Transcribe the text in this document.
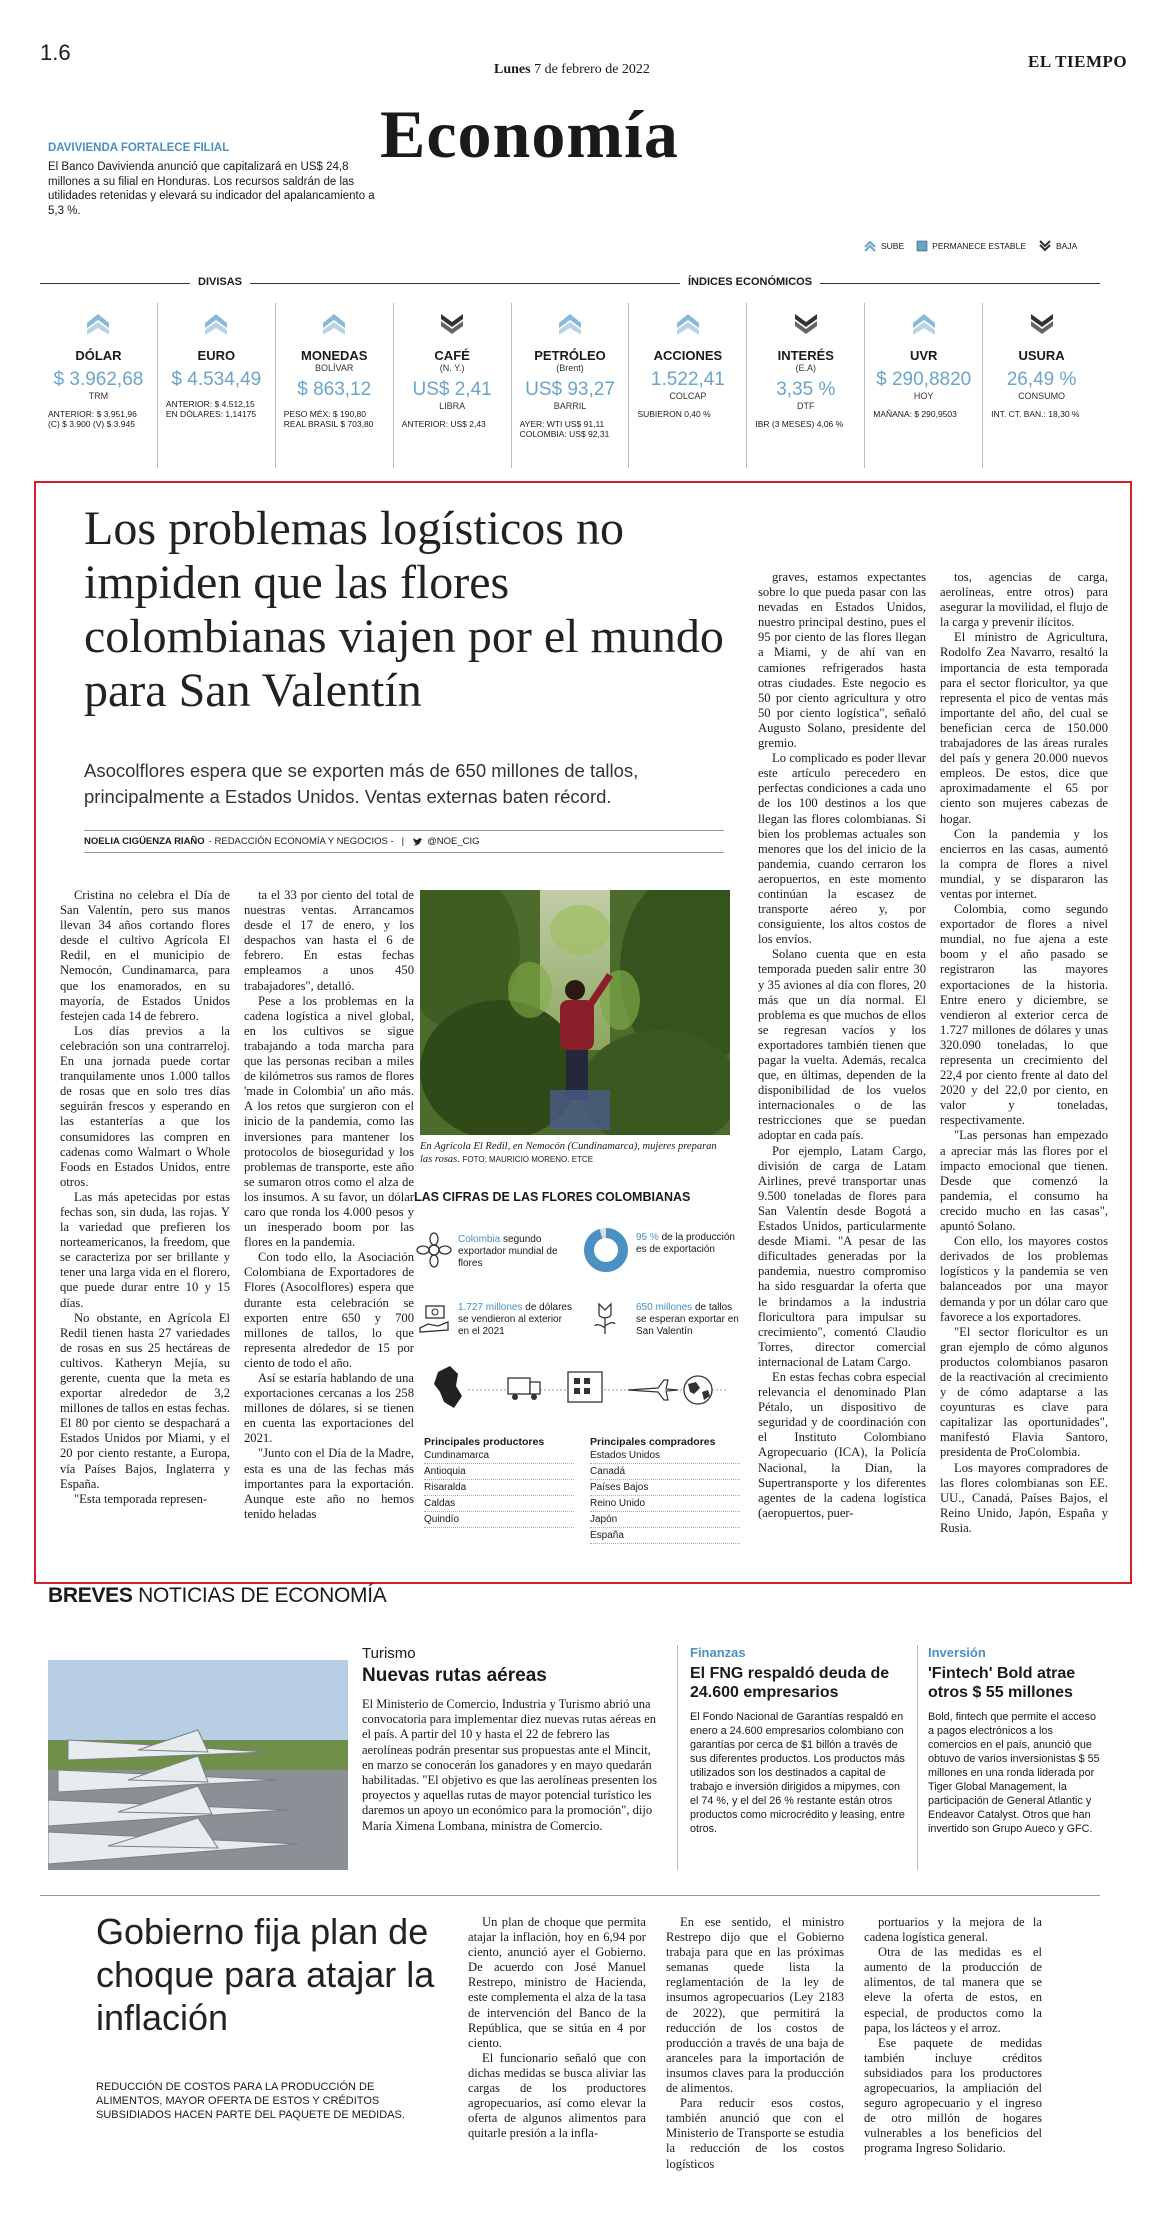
1.6
Lunes 7 de febrero de 2022	EL TIEMPO
Economía
DAVIVIENDA FORTALECE FILIAL
El Banco Davivienda anunció que capitalizará en US$ 24,8 millones a su filial en Honduras. Los recursos saldrán de las utilidades retenidas y elevará su indicador del apalancamiento a 5,3 %.
SUBE	PERMANECE ESTABLE	BAJA
DIVISAS	ÍNDICES ECONÓMICOS
DÓLAR
$ 3.962,68
TRM
ANTERIOR: $ 3.951,96
(C) $ 3.900 (V) $ 3.945
EURO
$ 4.534,49
ANTERIOR: $ 4.512,15
EN DÓLARES: 1,14175
MONEDAS
BOLÍVAR
$ 863,12
PESO MÉX: $ 190,80
REAL BRASIL $ 703,80
CAFÉ
(N. Y.)
US$ 2,41
LIBRA
ANTERIOR: US$ 2,43
PETRÓLEO
(Brent)
US$ 93,27
BARRIL
AYER: WTI US$ 91,11
COLOMBIA: US$ 92,31
ACCIONES
1.522,41
COLCAP
SUBIERON 0,40 %
INTERÉS
(E.A)
3,35 %
DTF
IBR (3 MESES) 4,06 %
UVR
$ 290,8820
HOY
MAÑANA: $ 290,9503
USURA
26,49 %
CONSUMO
INT. CT. BAN.: 18,30 %
Los problemas logísticos no impiden que las flores colombianas viajen por el mundo para San Valentín
Asocolflores espera que se exporten más de 650 millones de tallos, principalmente a Estados Unidos. Ventas externas baten récord.
NOELIA CIGÜENZA RIAÑO - REDACCIÓN ECONOMÍA Y NEGOCIOS - | @NOE_CIG

Cristina no celebra el Día de San Valentín, pero sus manos llevan 34 años cortando flores desde el cultivo Agrícola El Redil, en el municipio de Nemocón, Cundinamarca, para que los enamorados, en su mayoría, de Estados Unidos festejen cada 14 de febrero.

Los días previos a la celebración son una contrarreloj. En una jornada puede cortar tranquilamente unos 1.000 tallos de rosas que en solo tres días seguirán frescos y esperando en las estanterías a que los consumidores las compren en cadenas como Walmart o Whole Foods en Estados Unidos, entre otros.

Las más apetecidas por estas fechas son, sin duda, las rojas. Y la variedad que prefieren los norteamericanos, la freedom, que se caracteriza por ser brillante y tener una larga vida en el florero, que puede durar entre 10 y 15 días.

No obstante, en Agrícola El Redil tienen hasta 27 variedades de rosas en sus 25 hectáreas de cultivos. Katheryn Mejía, su gerente, cuenta que la meta es exportar alrededor de 3,2 millones de tallos en estas fechas. El 80 por ciento se despachará a Estados Unidos por Miami, y el 20 por ciento restante, a Europa, vía Países Bajos, Inglaterra y España.

"Esta temporada represen-

ta el 33 por ciento del total de nuestras ventas. Arrancamos desde el 17 de enero, y los despachos van hasta el 6 de febrero. En estas fechas empleamos a unos 450 trabajadores", detalló.

Pese a los problemas en la cadena logística a nivel global, en los cultivos se sigue trabajando a toda marcha para que las personas reciban a miles de kilómetros sus ramos de flores 'made in Colombia' un año más. A los retos que surgieron con el inicio de la pandemia, como las inversiones para mantener los protocolos de bioseguridad y los problemas de transporte, este año se sumaron otros como el alza de los insumos. A su favor, un dólar caro que ronda los 4.000 pesos y un inesperado boom por las flores en la pandemia.

Con todo ello, la Asociación Colombiana de Exportadores de Flores (Asocolflores) espera que durante esta celebración se exporten entre 650 y 700 millones de tallos, lo que representa alrededor de 15 por ciento de todo el año.

Así se estaría hablando de una exportaciones cercanas a los 258 millones de dólares, si se tienen en cuenta las exportaciones del 2021.

"Junto con el Día de la Madre, esta es una de las fechas más importantes para la exportación. Aunque este año no hemos tenido heladas

graves, estamos expectantes sobre lo que pueda pasar con las nevadas en Estados Unidos, nuestro principal destino, pues el 95 por ciento de las flores llegan a Miami, y de ahí van en camiones refrigerados hasta otras ciudades. Este negocio es 50 por ciento agricultura y otro 50 por ciento logística", señaló Augusto Solano, presidente del gremio.

Lo complicado es poder llevar este artículo perecedero en perfectas condiciones a cada uno de los 100 destinos a los que llegan las flores colombianas. Si bien los problemas actuales son menores que los del inicio de la pandemia, cuando cerraron los aeropuertos, en este momento continúan la escasez de transporte aéreo y, por consiguiente, los altos costos de los envíos.

Solano cuenta que en esta temporada pueden salir entre 30 y 35 aviones al día con flores, 20 más que un día normal. El problema es que muchos de ellos se regresan vacíos y los exportadores también tienen que pagar la vuelta. Además, recalca que, en últimas, dependen de la disponibilidad de los vuelos internacionales o de las restricciones que se puedan adoptar en cada país.

Por ejemplo, Latam Cargo, división de carga de Latam Airlines, prevé transportar unas 9.500 toneladas de flores para San Valentín desde Bogotá a Estados Unidos, particularmente desde Miami. "A pesar de las dificultades generadas por la pandemia, nuestro compromiso ha sido resguardar la oferta que le brindamos a la industria floricultora para impulsar su crecimiento", comentó Claudio Torres, director comercial internacional de Latam Cargo.

En estas fechas cobra especial relevancia el denominado Plan Pétalo, un dispositivo de seguridad y de coordinación con el Instituto Colombiano Agropecuario (ICA), la Policía Nacional, la Dian, la Supertransporte y los diferentes agentes de la cadena logística (aeropuertos, puer-

tos, agencias de carga, aerolíneas, entre otros) para asegurar la movilidad, el flujo de la carga y prevenir ilícitos.

El ministro de Agricultura, Rodolfo Zea Navarro, resaltó la importancia de esta temporada para el sector floricultor, ya que representa el pico de ventas más importante del año, del cual se benefician cerca de 150.000 trabajadores de las áreas rurales del país y genera 20.000 nuevos empleos. De estos, dice que aproximadamente el 65 por ciento son mujeres cabezas de hogar.

Con la pandemia y los encierros en las casas, aumentó la compra de flores a nivel mundial, y se dispararon las ventas por internet.

Colombia, como segundo exportador de flores a nivel mundial, no fue ajena a este boom y el año pasado se registraron las mayores exportaciones de la historia. Entre enero y diciembre, se vendieron al exterior cerca de 1.727 millones de dólares y unas 320.090 toneladas, lo que representa un crecimiento del 22,4 por ciento frente al dato del 2020 y del 22,0 por ciento, en valor y toneladas, respectivamente.

"Las personas han empezado a apreciar más las flores por el impacto emocional que tienen. Desde que comenzó la pandemia, el consumo ha crecido mucho en las casas", apuntó Solano.

Con ello, los mayores costos derivados de los problemas logísticos y la pandemia se ven balanceados por una mayor demanda y por un dólar caro que favorece a los exportadores.

"El sector floricultor es un gran ejemplo de cómo algunos productos colombianos pasaron de la reactivación al crecimiento y de cómo adaptarse a las coyunturas es clave para capitalizar las oportunidades", manifestó Flavia Santoro, presidenta de ProColombia.

Los mayores compradores de las flores colombianas son EE. UU., Canadá, Países Bajos, el Reino Unido, Japón, España y Rusia.

En Agrícola El Redil, en Nemocón (Cundinamarca), mujeres preparan las rosas. FOTO: MAURICIO MORENO. ETCE
LAS CIFRAS DE LAS FLORES COLOMBIANAS
Colombia segundo exportador mundial de flores
95 % de la producción es de exportación
1.727 millones de dólares se vendieron al exterior en el 2021
650 millones de tallos se esperan exportar en San Valentín
Principales productores
Cundinamarca
Antioquia
Risaralda
Caldas
Quindío
Principales compradores
Estados Unidos
Canadá
Países Bajos
Reino Unido
Japón
España
BREVES NOTICIAS DE ECONOMÍA
Turismo
Nuevas rutas aéreas
El Ministerio de Comercio, Industria y Turismo abrió una convocatoria para implementar diez nuevas rutas aéreas en el país. A partir del 10 y hasta el 22 de febrero las aerolíneas podrán presentar sus propuestas ante el Mincit, en marzo se conocerán los ganadores y en mayo quedarán habilitadas. "El objetivo es que las aerolíneas presenten los proyectos y aquellas rutas de mayor potencial turístico les daremos un apoyo un económico para la promoción", dijo María Ximena Lombana, ministra de Comercio.
Finanzas
El FNG respaldó deuda de 24.600 empresarios
El Fondo Nacional de Garantías respaldó en enero a 24.600 empresarios colombiano con garantías por cerca de $1 billón a través de sus diferentes productos. Los productos más utilizados son los destinados a capital de trabajo e inversión dirigidos a mipymes, con el 74 %, y el del 26 % restante están otros productos como microcrédito y leasing, entre otros.
Inversión
'Fintech' Bold atrae otros $ 55 millones
Bold, fintech que permite el acceso a pagos electrónicos a los comercios en el país, anunció que obtuvo de varios inversionistas $ 55 millones en una ronda liderada por Tiger Global Management, la participación de General Atlantic y Endeavor Catalyst. Otros que han invertido son Grupo Aueco y GFC.
Gobierno fija plan de choque para atajar la inflación
REDUCCIÓN DE COSTOS PARA LA PRODUCCIÓN DE ALIMENTOS, MAYOR OFERTA DE ESTOS Y CRÉDITOS SUBSIDIADOS HACEN PARTE DEL PAQUETE DE MEDIDAS.

Un plan de choque que permita atajar la inflación, hoy en 6,94 por ciento, anunció ayer el Gobierno. De acuerdo con José Manuel Restrepo, ministro de Hacienda, este complementa el alza de la tasa de intervención del Banco de la República, que se sitúa en 4 por ciento.

El funcionario señaló que con dichas medidas se busca aliviar las cargas de los productores agropecuarios, así como elevar la oferta de algunos alimentos para quitarle presión a la infla-

En ese sentido, el ministro Restrepo dijo que el Gobierno trabaja para que en las próximas semanas quede lista la reglamentación de la ley de insumos agropecuarios (Ley 2183 de 2022), que permitirá la reducción de los costos de producción a través de una baja de aranceles para la importación de insumos claves para la producción de alimentos.

Para reducir esos costos, también anunció que con el Ministerio de Transporte se estudia la reducción de los costos logísticos

portuarios y la mejora de la cadena logística general.

Otra de las medidas es el aumento de la producción de alimentos, de tal manera que se eleve la oferta de estos, en especial, de productos como la papa, los lácteos y el arroz.

Ese paquete de medidas también incluye créditos subsidiados para los productores agropecuarios, la ampliación del seguro agropecuario y el ingreso de otro millón de hogares vulnerables a los beneficios del programa Ingreso Solidario.
